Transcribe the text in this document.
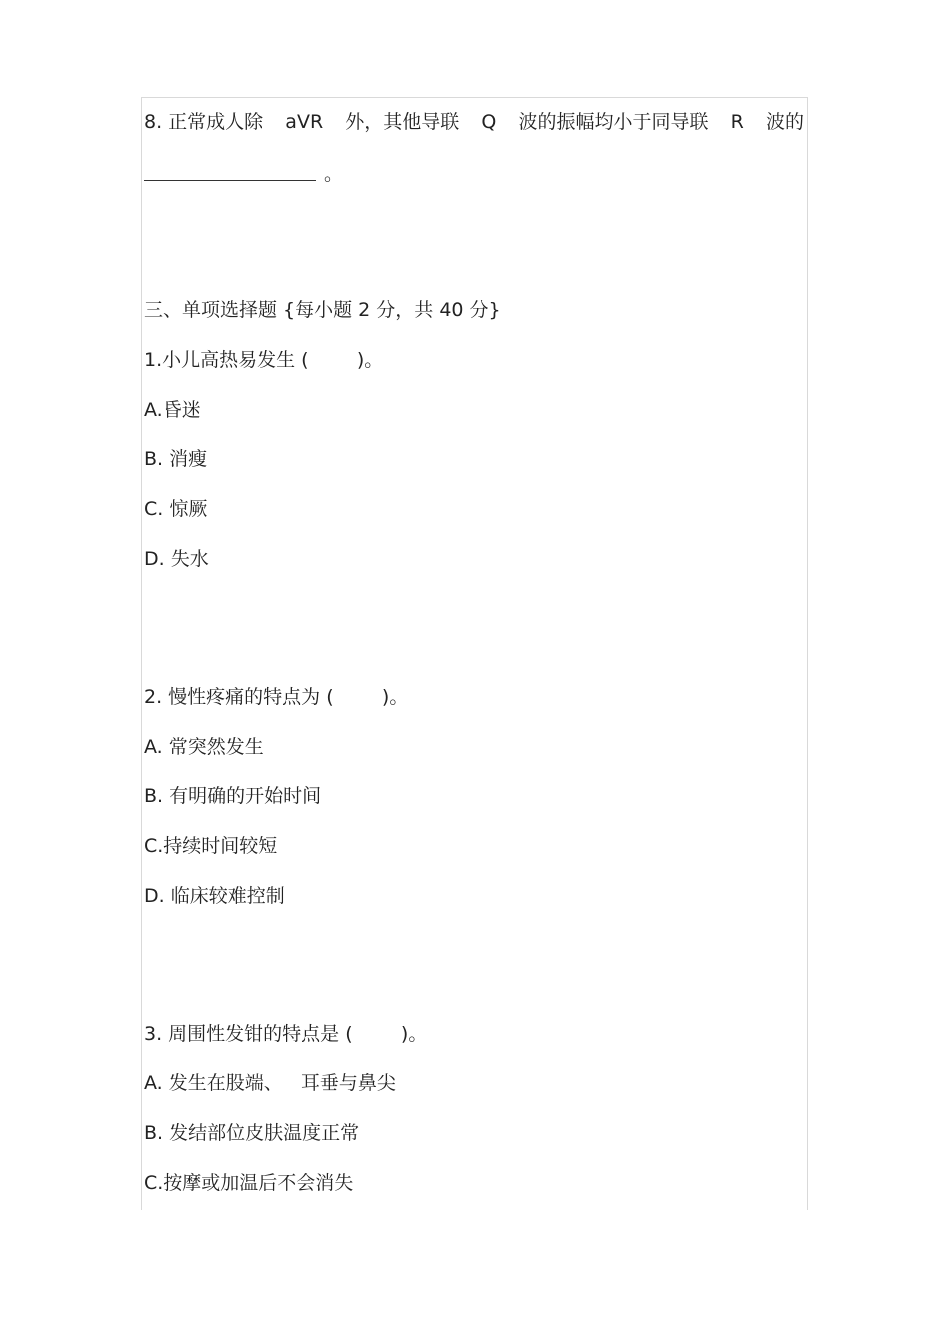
8. 正常成人除 aVR 外，其他导联 Q 波的振幅均小于同导联 R 波的
。
三、单项选择题 {每小题 2 分，共 40 分}
1.小儿高热易发生 (        )。
A.昏迷
B. 消瘦
C. 惊厥
D. 失水
2. 慢性疼痛的特点为 (        )。
A. 常突然发生
B. 有明确的开始时间
C.持续时间较短
D. 临床较难控制
3. 周围性发钳的特点是 (        )。
A. 发生在股端、   耳垂与鼻尖
B. 发结部位皮肤温度正常
C.按摩或加温后不会消失
